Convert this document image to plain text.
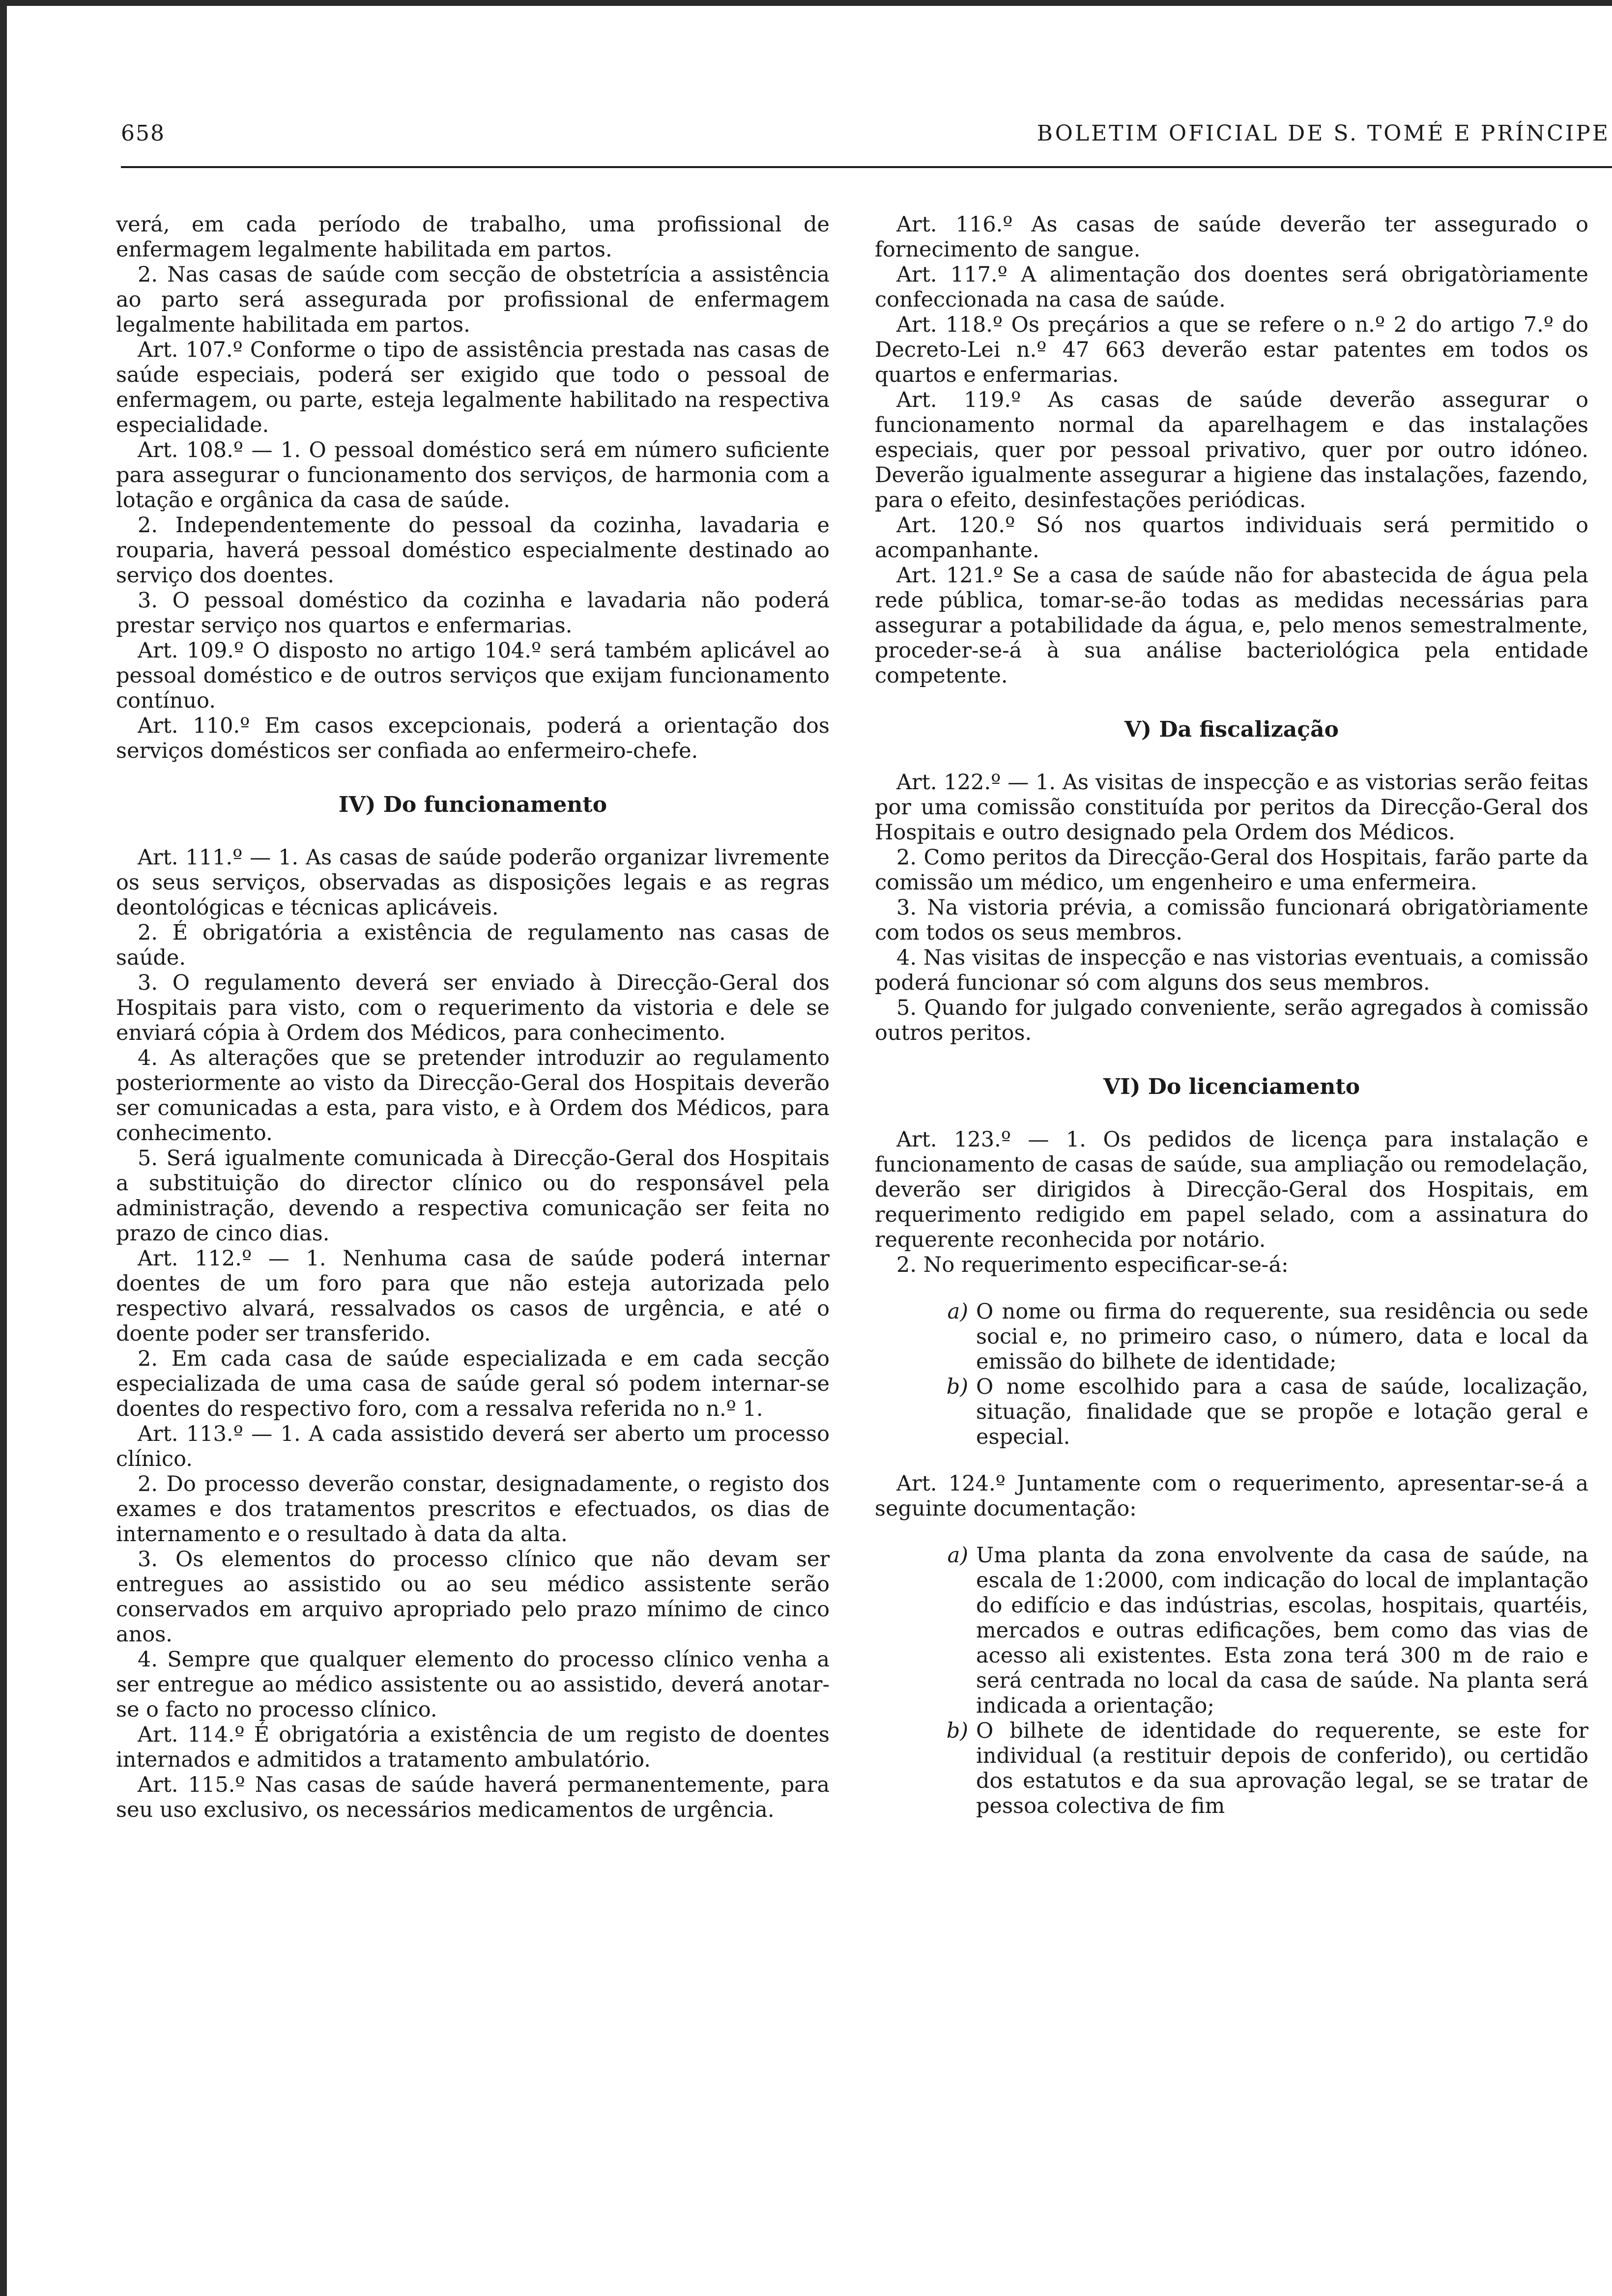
658	BOLETIM OFICIAL DE S. TOMÉ E PRÍNCIPE

verá, em cada período de trabalho, uma profissional de enfermagem legalmente habilitada em partos.

2. Nas casas de saúde com secção de obstetrícia a assistência ao parto será assegurada por profissional de enfermagem legalmente habilitada em partos.

Art. 107.º Conforme o tipo de assistência prestada nas casas de saúde especiais, poderá ser exigido que todo o pessoal de enfermagem, ou parte, esteja legalmente habilitado na respectiva especialidade.

Art. 108.º — 1. O pessoal doméstico será em número suficiente para assegurar o funcionamento dos serviços, de harmonia com a lotação e orgânica da casa de saúde.

2. Independentemente do pessoal da cozinha, lavadaria e rouparia, haverá pessoal doméstico especialmente destinado ao serviço dos doentes.

3. O pessoal doméstico da cozinha e lavadaria não poderá prestar serviço nos quartos e enfermarias.

Art. 109.º O disposto no artigo 104.º será também aplicável ao pessoal doméstico e de outros serviços que exijam funcionamento contínuo.

Art. 110.º Em casos excepcionais, poderá a orientação dos serviços domésticos ser confiada ao enfermeiro-chefe.

IV) Do funcionamento

Art. 111.º — 1. As casas de saúde poderão organizar livremente os seus serviços, observadas as disposições legais e as regras deontológicas e técnicas aplicáveis.

2. É obrigatória a existência de regulamento nas casas de saúde.

3. O regulamento deverá ser enviado à Direcção-Geral dos Hospitais para visto, com o requerimento da vistoria e dele se enviará cópia à Ordem dos Médicos, para conhecimento.

4. As alterações que se pretender introduzir ao regulamento posteriormente ao visto da Direcção-Geral dos Hospitais deverão ser comunicadas a esta, para visto, e à Ordem dos Médicos, para conhecimento.

5. Será igualmente comunicada à Direcção-Geral dos Hospitais a substituição do director clínico ou do responsável pela administração, devendo a respectiva comunicação ser feita no prazo de cinco dias.

Art. 112.º — 1. Nenhuma casa de saúde poderá internar doentes de um foro para que não esteja autorizada pelo respectivo alvará, ressalvados os casos de urgência, e até o doente poder ser transferido.

2. Em cada casa de saúde especializada e em cada secção especializada de uma casa de saúde geral só podem internar-se doentes do respectivo foro, com a ressalva referida no n.º 1.

Art. 113.º — 1. A cada assistido deverá ser aberto um processo clínico.

2. Do processo deverão constar, designadamente, o registo dos exames e dos tratamentos prescritos e efectuados, os dias de internamento e o resultado à data da alta.

3. Os elementos do processo clínico que não devam ser entregues ao assistido ou ao seu médico assistente serão conservados em arquivo apropriado pelo prazo mínimo de cinco anos.

4. Sempre que qualquer elemento do processo clínico venha a ser entregue ao médico assistente ou ao assistido, deverá anotar-se o facto no processo clínico.

Art. 114.º É obrigatória a existência de um registo de doentes internados e admitidos a tratamento ambulatório.

Art. 115.º Nas casas de saúde haverá permanentemente, para seu uso exclusivo, os necessários medicamentos de urgência.

Art. 116.º As casas de saúde deverão ter assegurado o fornecimento de sangue.

Art. 117.º A alimentação dos doentes será obrigatòriamente confeccionada na casa de saúde.

Art. 118.º Os preçários a que se refere o n.º 2 do artigo 7.º do Decreto-Lei n.º 47 663 deverão estar patentes em todos os quartos e enfermarias.

Art. 119.º As casas de saúde deverão assegurar o funcionamento normal da aparelhagem e das instalações especiais, quer por pessoal privativo, quer por outro idóneo. Deverão igualmente assegurar a higiene das instalações, fazendo, para o efeito, desinfestações periódicas.

Art. 120.º Só nos quartos individuais será permitido o acompanhante.

Art. 121.º Se a casa de saúde não for abastecida de água pela rede pública, tomar-se-ão todas as medidas necessárias para assegurar a potabilidade da água, e, pelo menos semestralmente, proceder-se-á à sua análise bacteriológica pela entidade competente.

V) Da fiscalização

Art. 122.º — 1. As visitas de inspecção e as vistorias serão feitas por uma comissão constituída por peritos da Direcção-Geral dos Hospitais e outro designado pela Ordem dos Médicos.

2. Como peritos da Direcção-Geral dos Hospitais, farão parte da comissão um médico, um engenheiro e uma enfermeira.

3. Na vistoria prévia, a comissão funcionará obrigatòriamente com todos os seus membros.

4. Nas visitas de inspecção e nas vistorias eventuais, a comissão poderá funcionar só com alguns dos seus membros.

5. Quando for julgado conveniente, serão agregados à comissão outros peritos.

VI) Do licenciamento

Art. 123.º — 1. Os pedidos de licença para instalação e funcionamento de casas de saúde, sua ampliação ou remodelação, deverão ser dirigidos à Direcção-Geral dos Hospitais, em requerimento redigido em papel selado, com a assinatura do requerente reconhecida por notário.

2. No requerimento especificar-se-á:

a) O nome ou firma do requerente, sua residência ou sede social e, no primeiro caso, o número, data e local da emissão do bilhete de identidade;
b) O nome escolhido para a casa de saúde, localização, situação, finalidade que se propõe e lotação geral e especial.

Art. 124.º Juntamente com o requerimento, apresentar-se-á a seguinte documentação:

a) Uma planta da zona envolvente da casa de saúde, na escala de 1:2000, com indicação do local de implantação do edifício e das indústrias, escolas, hospitais, quartéis, mercados e outras edificações, bem como das vias de acesso ali existentes. Esta zona terá 300 m de raio e será centrada no local da casa de saúde. Na planta será indicada a orientação;
b) O bilhete de identidade do requerente, se este for individual (a restituir depois de conferido), ou certidão dos estatutos e da sua aprovação legal, se se tratar de pessoa colectiva de fim
